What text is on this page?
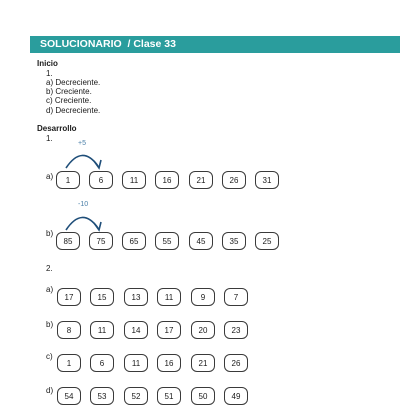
SOLUCIONARIO  / Clase 33
Inicio
1.
a) Decreciente.
b) Creciente.
c) Creciente.
d) Decreciente.
Desarrollo
1.
+5
a)	1	6	11	16	21	26	31
-10
b)
85	75	65	55	45	35	25
2.
a)
17	15	13	11	9	7
b)
8	11	14	17	20	23
c)
1	6	11	16	21	26
d)
54	53	52	51	50	49
